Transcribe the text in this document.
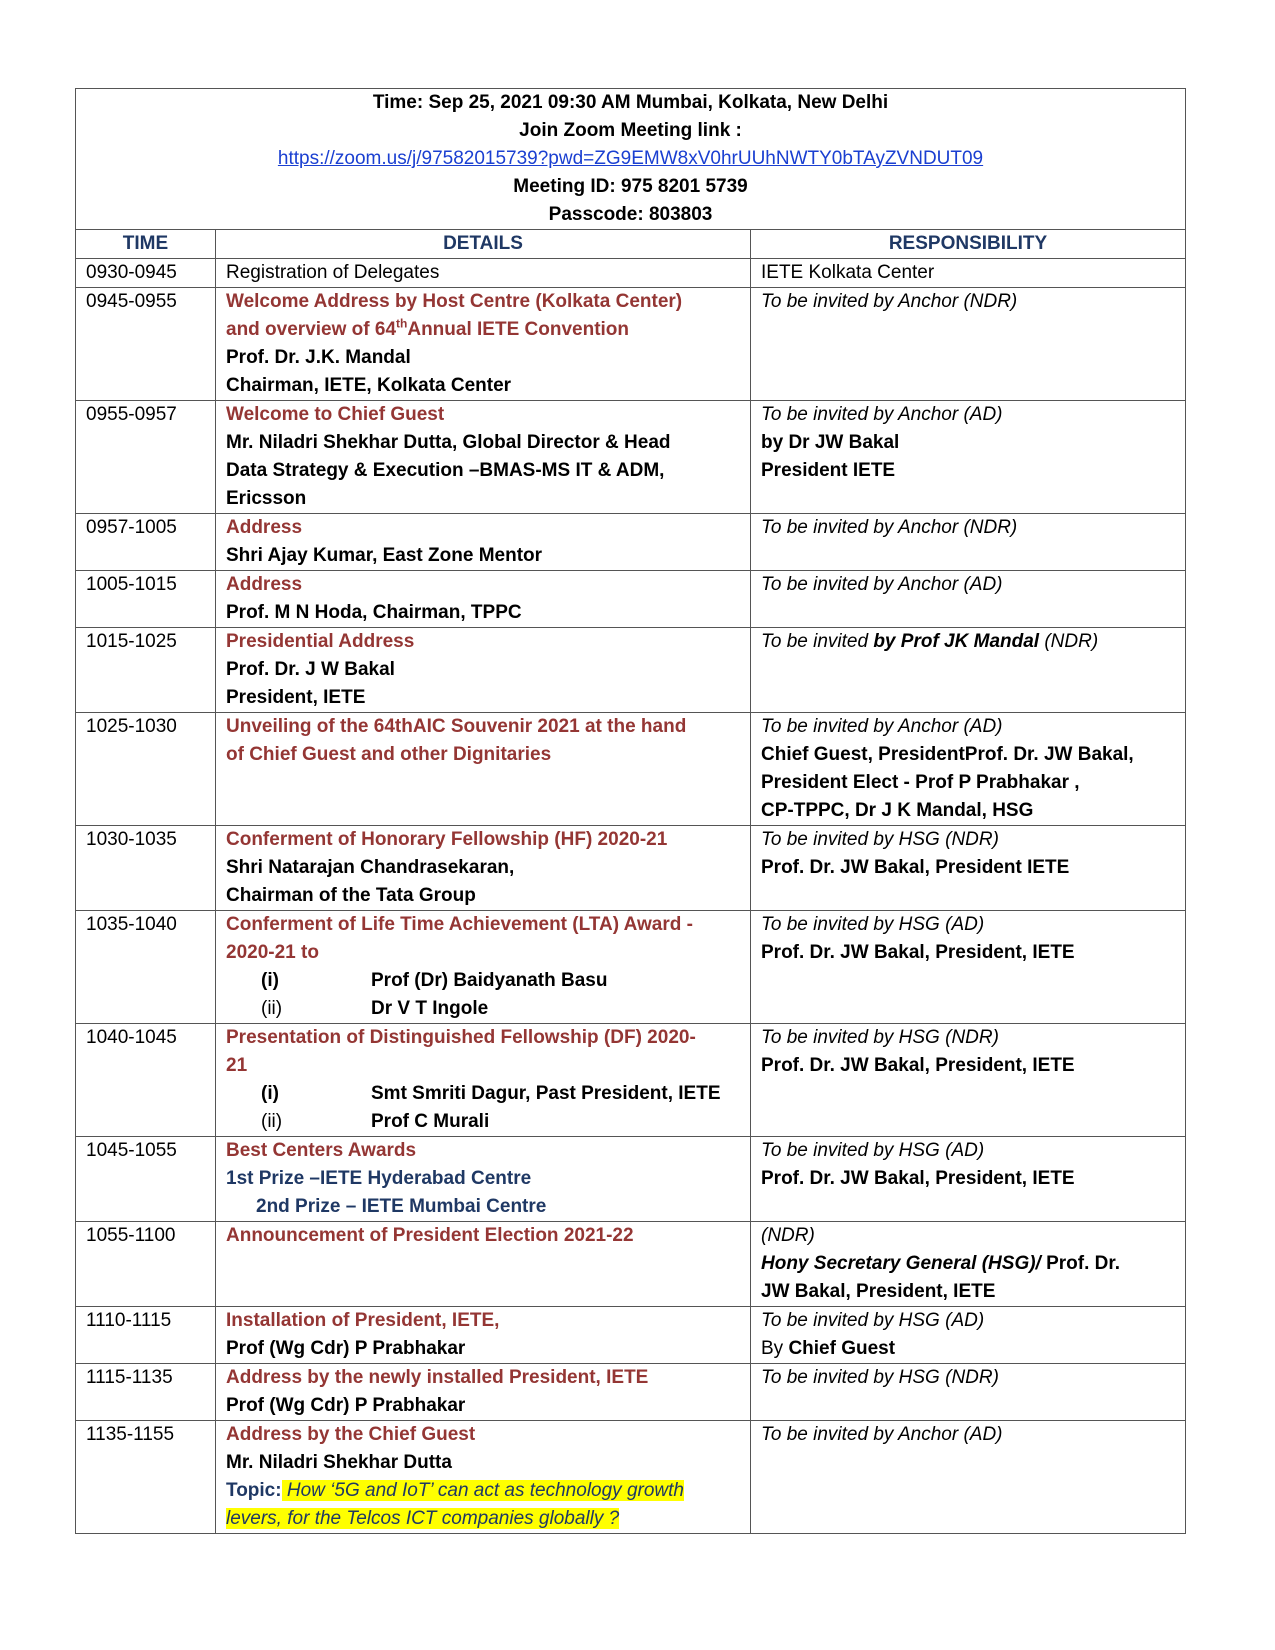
Time: Sep 25, 2021 09:30 AM Mumbai, Kolkata, New Delhi
Join Zoom Meeting link :
https://zoom.us/j/97582015739?pwd=ZG9EMW8xV0hrUUhNWTY0bTAyZVNDUT09
Meeting ID: 975 8201 5739
Passcode: 803803		

TIME	DETAILS	RESPONSIBILITY
0930-0945	Registration of Delegates	IETE Kolkata Center
0945-0955	Welcome Address by Host Centre (Kolkata Center)
and overview of 64thAnnual IETE Convention
Prof. Dr. J.K. Mandal
Chairman, IETE, Kolkata Center	To be invited by Anchor (NDR)
0955-0957	Welcome to Chief Guest
Mr. Niladri Shekhar Dutta, Global Director & Head
Data Strategy & Execution –BMAS-MS IT & ADM,
Ericsson	To be invited by Anchor (AD)
by Dr JW Bakal
President IETE

0957-1005	Address
Shri Ajay Kumar, East Zone Mentor	To be invited by Anchor (NDR)
1005-1015	Address
Prof. M N Hoda, Chairman, TPPC	To be invited by Anchor (AD)
1015-1025	Presidential Address
Prof. Dr. J W Bakal
President, IETE	To be invited by Prof JK Mandal (NDR)
1025-1030	Unveiling of the 64thAIC Souvenir 2021 at the hand
of Chief Guest and other Dignitaries	To be invited by Anchor (AD)
Chief Guest, PresidentProf. Dr. JW Bakal,
President Elect - Prof P Prabhakar ,
CP-TPPC, Dr J K Mandal, HSG

1030-1035	Conferment of Honorary Fellowship (HF) 2020-21
Shri Natarajan Chandrasekaran,
Chairman of the Tata Group	To be invited by HSG (NDR)
Prof. Dr. JW Bakal, President IETE

1035-1040	Conferment of Life Time Achievement (LTA) Award -
2020-21 to
(i) Prof (Dr) Baidyanath Basu
(ii) Dr V T Ingole	To be invited by HSG (AD)
Prof. Dr. JW Bakal, President, IETE

1040-1045	Presentation of Distinguished Fellowship (DF) 2020-
21
(i) Smt Smriti Dagur, Past President, IETE
(ii) Prof C Murali	To be invited by HSG (NDR)
Prof. Dr. JW Bakal, President, IETE

1045-1055	Best Centers Awards
1st Prize –IETE Hyderabad Centre
2nd Prize – IETE Mumbai Centre	To be invited by HSG (AD)
Prof. Dr. JW Bakal, President, IETE

1055-1100	Announcement of President Election 2021-22	(NDR)
Hony Secretary General (HSG)/ Prof. Dr.
JW Bakal, President, IETE

1110-1115	Installation of President, IETE,
Prof (Wg Cdr) P Prabhakar	To be invited by HSG (AD)
By Chief Guest

1115-1135	Address by the newly installed President, IETE
Prof (Wg Cdr) P Prabhakar	To be invited by HSG (NDR)

1135-1155	Address by the Chief Guest
Mr. Niladri Shekhar Dutta
Topic: How ‘5G and IoT’ can act as technology growth
levers, for the Telcos ICT companies globally ?	To be invited by Anchor (AD)
